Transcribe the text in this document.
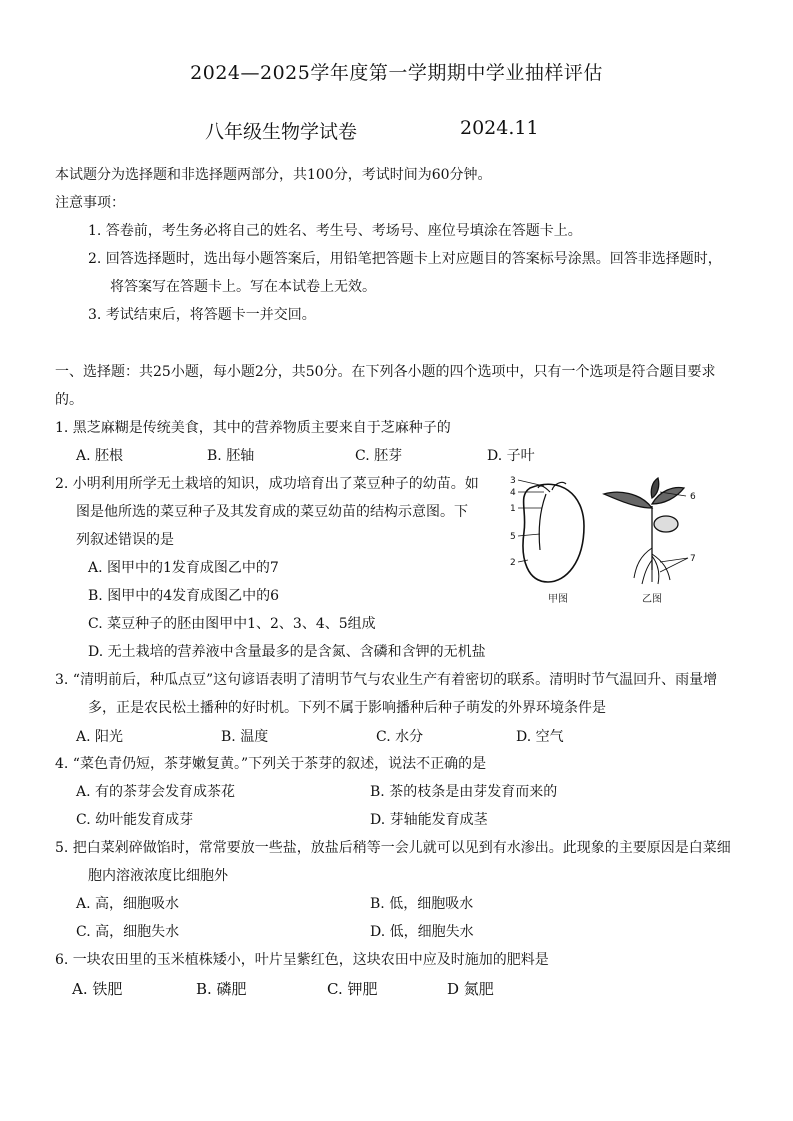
2024—2025学年度第一学期期中学业抽样评估
八年级生物学试卷	2024.11
本试题分为选择题和非选择题两部分，共100分，考试时间为60分钟。
注意事项：
1. 答卷前，考生务必将自己的姓名、考生号、考场号、座位号填涂在答题卡上。
2. 回答选择题时，选出每小题答案后，用铅笔把答题卡上对应题目的答案标号涂黑。回答非选择题时，
将答案写在答题卡上。写在本试卷上无效。
3. 考试结束后，将答题卡一并交回。
一、选择题：共25小题，每小题2分，共50分。在下列各小题的四个选项中，只有一个选项是符合题目要求
的。
1. 黑芝麻糊是传统美食，其中的营养物质主要来自于芝麻种子的
A. 胚根	B. 胚轴	C. 胚芽	D. 子叶
2. 小明利用所学无土栽培的知识，成功培育出了菜豆种子的幼苗。如
图是他所选的菜豆种子及其发育成的菜豆幼苗的结构示意图。下
列叙述错误的是
A. 图甲中的1发育成图乙中的7
B. 图甲中的4发育成图乙中的6
C. 菜豆种子的胚由图甲中1、2、3、4、5组成
D. 无土栽培的营养液中含量最多的是含氮、含磷和含钾的无机盐
3
4
1
5
2
甲图
6
7
乙图
3. “清明前后，种瓜点豆”这句谚语表明了清明节气与农业生产有着密切的联系。清明时节气温回升、雨量增
多，正是农民松土播种的好时机。下列不属于影响播种后种子萌发的外界环境条件是
A. 阳光	B. 温度	C. 水分	D. 空气
4. “菜色青仍短，茶芽嫩复黄。”下列关于茶芽的叙述，说法不正确的是
A. 有的茶芽会发育成茶花	B. 茶的枝条是由芽发育而来的
C. 幼叶能发育成芽	D. 芽轴能发育成茎
5. 把白菜剁碎做馅时，常常要放一些盐，放盐后稍等一会儿就可以见到有水渗出。此现象的主要原因是白菜细
胞内溶液浓度比细胞外
A. 高，细胞吸水	B. 低，细胞吸水
C. 高，细胞失水	D. 低，细胞失水
6. 一块农田里的玉米植株矮小，叶片呈紫红色，这块农田中应及时施加的肥料是
A. 铁肥	B. 磷肥	C. 钾肥	D 氮肥
